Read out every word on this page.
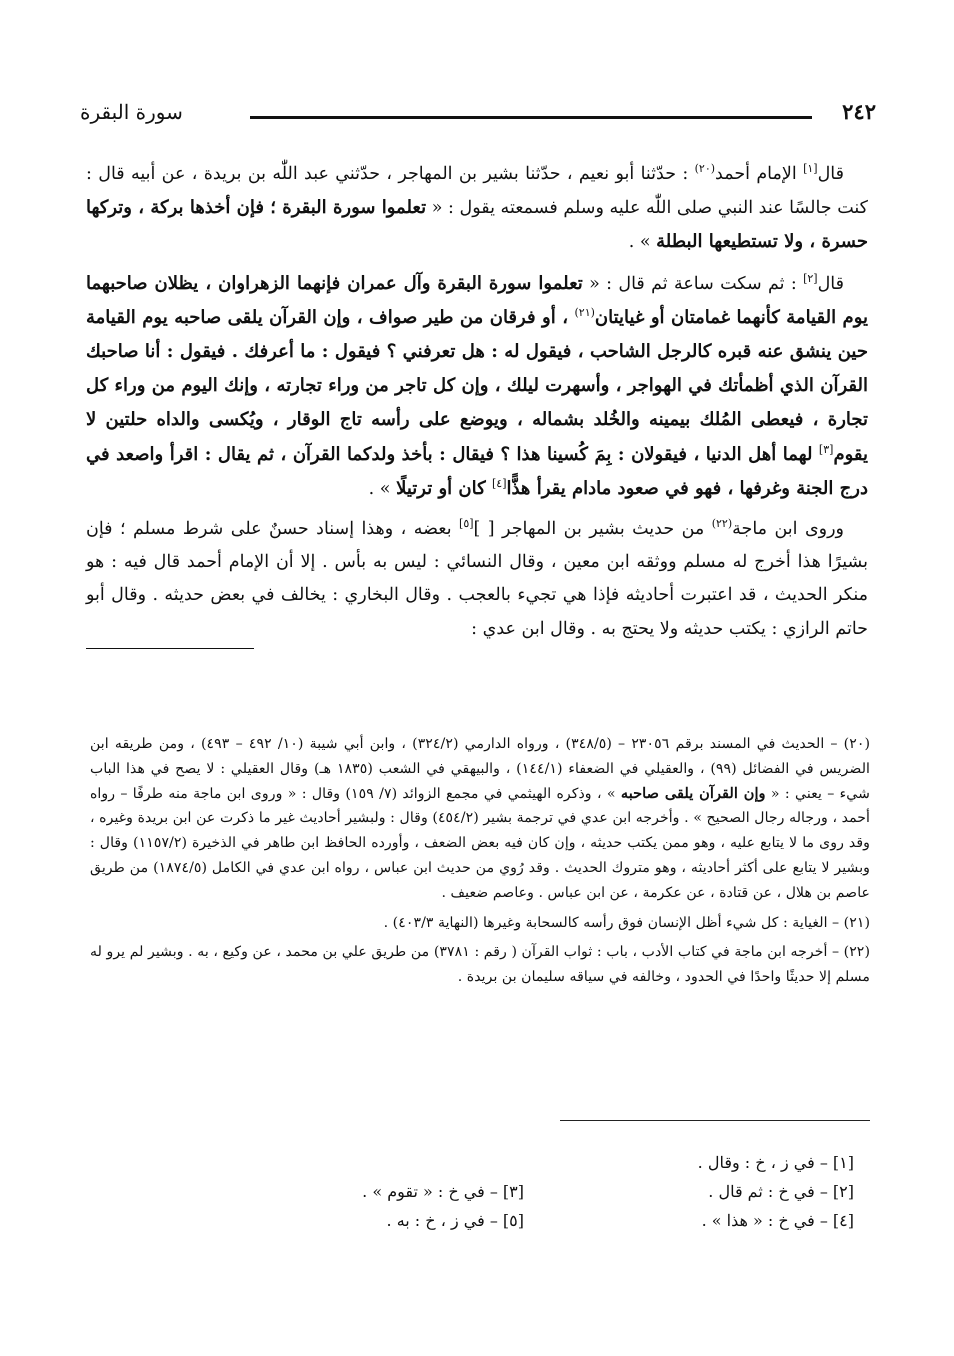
٢٤٢
سورة البقرة
قال[١] الإمام أحمد$^{(٢٠)}$ : حدّثنا أبو نعيم ، حدّثنا بشير بن المهاجر ، حدّثني عبد اللّٰه بن بريدة ، عن أبيه قال : كنت جالسًا عند النبي صلى اللّٰه عليه وسلم فسمعته يقول : « تعلموا سورة البقرة ؛ فإن أخذها بركة ، وتركها حسرة ، ولا تستطيعها البطلة » .
قال[٢] : ثم سكت ساعة ثم قال : « تعلموا سورة البقرة وآل عمران فإنهما الزهراوان ، يظلان صاحبهما يوم القيامة كأنهما غمامتان أو غيايتان$^{(٢١)}$ ، أو فرقان من طير صواف ، وإن القرآن يلقى صاحبه يوم القيامة حين ينشق عنه قبره كالرجل الشاحب ، فيقول له : هل تعرفني ؟ فيقول : ما أعرفك . فيقول : أنا صاحبك القرآن الذي أظمأتك في الهواجر ، وأسهرت ليلك ، وإن كل تاجر من وراء تجارته ، وإنك اليوم من وراء كل تجارة ، فيعطى المُلك بيمينه والخُلد بشماله ، ويوضع على رأسه تاج الوقار ، ويُكسى والداه حلتين لا يقوم[٣] لهما أهل الدنيا ، فيقولان : بِمَ كُسينا هذا ؟ فيقال : بأخذ ولدكما القرآن ، ثم يقال : اقرأ واصعد في درج الجنة وغرفها ، فهو في صعود مادام يقرأ هذًّا[٤] كان أو ترتيلًا » .
وروى ابن ماجة$^{(٢٢)}$ من حديث بشير بن المهاجر [ ][٥] بعضه ، وهذا إسناد حسنٌ على شرط مسلم ؛ فإن بشيرًا هذا أخرج له مسلم ووثقه ابن معين ، وقال النسائي : ليس به بأس . إلا أن الإمام أحمد قال فيه : هو منكر الحديث ، قد اعتبرت أحاديثه فإذا هي تجيء بالعجب . وقال البخاري : يخالف في بعض حديثه . وقال أبو حاتم الرازي : يكتب حديثه ولا يحتج به . وقال ابن عدي :
(٢٠) – الحديث في المسند برقم ٢٣٠٥٦ – (٣٤٨/٥) ، ورواه الدارمي (٣٢٤/٢) ، وابن أبي شيبة (١٠/ ٤٩٢ – ٤٩٣) ، ومن طريقه ابن الضريس في الفضائل (٩٩) ، والعقيلي في الضعفاء (١٤٤/١) ، والبيهقي في الشعب (١٨٣٥ هـ) وقال العقيلي : لا يصح في هذا الباب شيء – يعني : « وإن القرآن يلقى صاحبه » ، وذكره الهيثمي في مجمع الزوائد (٧/ ١٥٩) وقال : « وروى ابن ماجة منه طرفًا – رواه أحمد ، ورجاله رجال الصحيح » . وأخرجه ابن عدي في ترجمة بشير (٤٥٤/٢) وقال : ولبشير أحاديث غير ما ذكرت عن ابن بريدة وغيره ، وقد روى ما لا يتابع عليه ، وهو ممن يكتب حديثه ، وإن كان فيه بعض الضعف ، وأورده الحافظ ابن طاهر في الذخيرة (١١٥٧/٢) وقال : وبشير لا يتابع على أكثر أحاديثه ، وهو متروك الحديث . وقد رُوي من حديث ابن عباس ، رواه ابن عدي في الكامل (١٨٧٤/٥) من طريق عاصم بن هلال ، عن قتادة ، عن عكرمة ، عن ابن عباس . وعاصم ضعيف .
(٢١) – الغياية : كل شيء أظل الإنسان فوق رأسه كالسحابة وغيرها (النهاية ٤٠٣/٣) .
(٢٢) – أخرجه ابن ماجة في كتاب الأدب ، باب : ثواب القرآن ( رقم : ٣٧٨١) من طريق علي بن محمد ، عن وكيع ، به . وبشير لم يرو له مسلم إلا حديثًا واحدًا في الحدود ، وخالفه في سياقه سليمان بن بريدة .
[١] – في ز ، خ : وقال .
[٢] – في خ : ثم قال .
[٤] – في خ : « هذا » .
[٣] – في خ : « تقوم » .
[٥] – في ز ، خ : به .
